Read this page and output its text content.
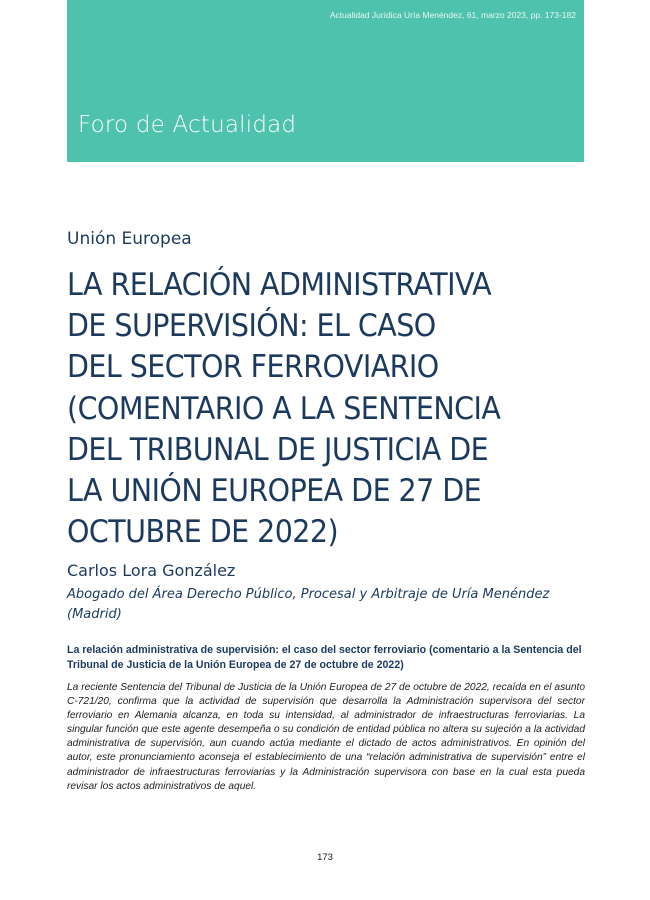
Actualidad Jurídica Uría Menéndez, 61, marzo 2023, pp. 173-182
Foro de Actualidad
Unión Europea
LA RELACIÓN ADMINISTRATIVA
DE SUPERVISIÓN: EL CASO
DEL SECTOR FERROVIARIO
(COMENTARIO A LA SENTENCIA
DEL TRIBUNAL DE JUSTICIA DE
LA UNIÓN EUROPEA DE 27 DE
OCTUBRE DE 2022)
Carlos Lora González
Abogado del Área Derecho Público, Procesal y Arbitraje de Uría Menéndez (Madrid)
La relación administrativa de supervisión: el caso del sector ferroviario (comentario a la Sentencia del Tribunal de Justicia de la Unión Europea de 27 de octubre de 2022)
La reciente Sentencia del Tribunal de Justicia de la Unión Europea de 27 de octubre de 2022, recaída en el asunto C-721/20, confirma que la actividad de supervisión que desarrolla la Administración supervisora del sector ferroviario en Alemania alcanza, en toda su intensidad, al administrador de infraestructuras ferroviarias. La singular función que este agente desempeña o su condición de entidad pública no altera su sujeción a la actividad administrativa de supervisión, aun cuando actúa mediante el dictado de actos administrativos. En opinión del autor, este pronunciamiento aconseja el establecimiento de una “relación administrativa de supervisión” entre el administrador de infraestructuras ferroviarias y la Administración supervisora con base en la cual esta pueda revisar los actos administrativos de aquel.
173
